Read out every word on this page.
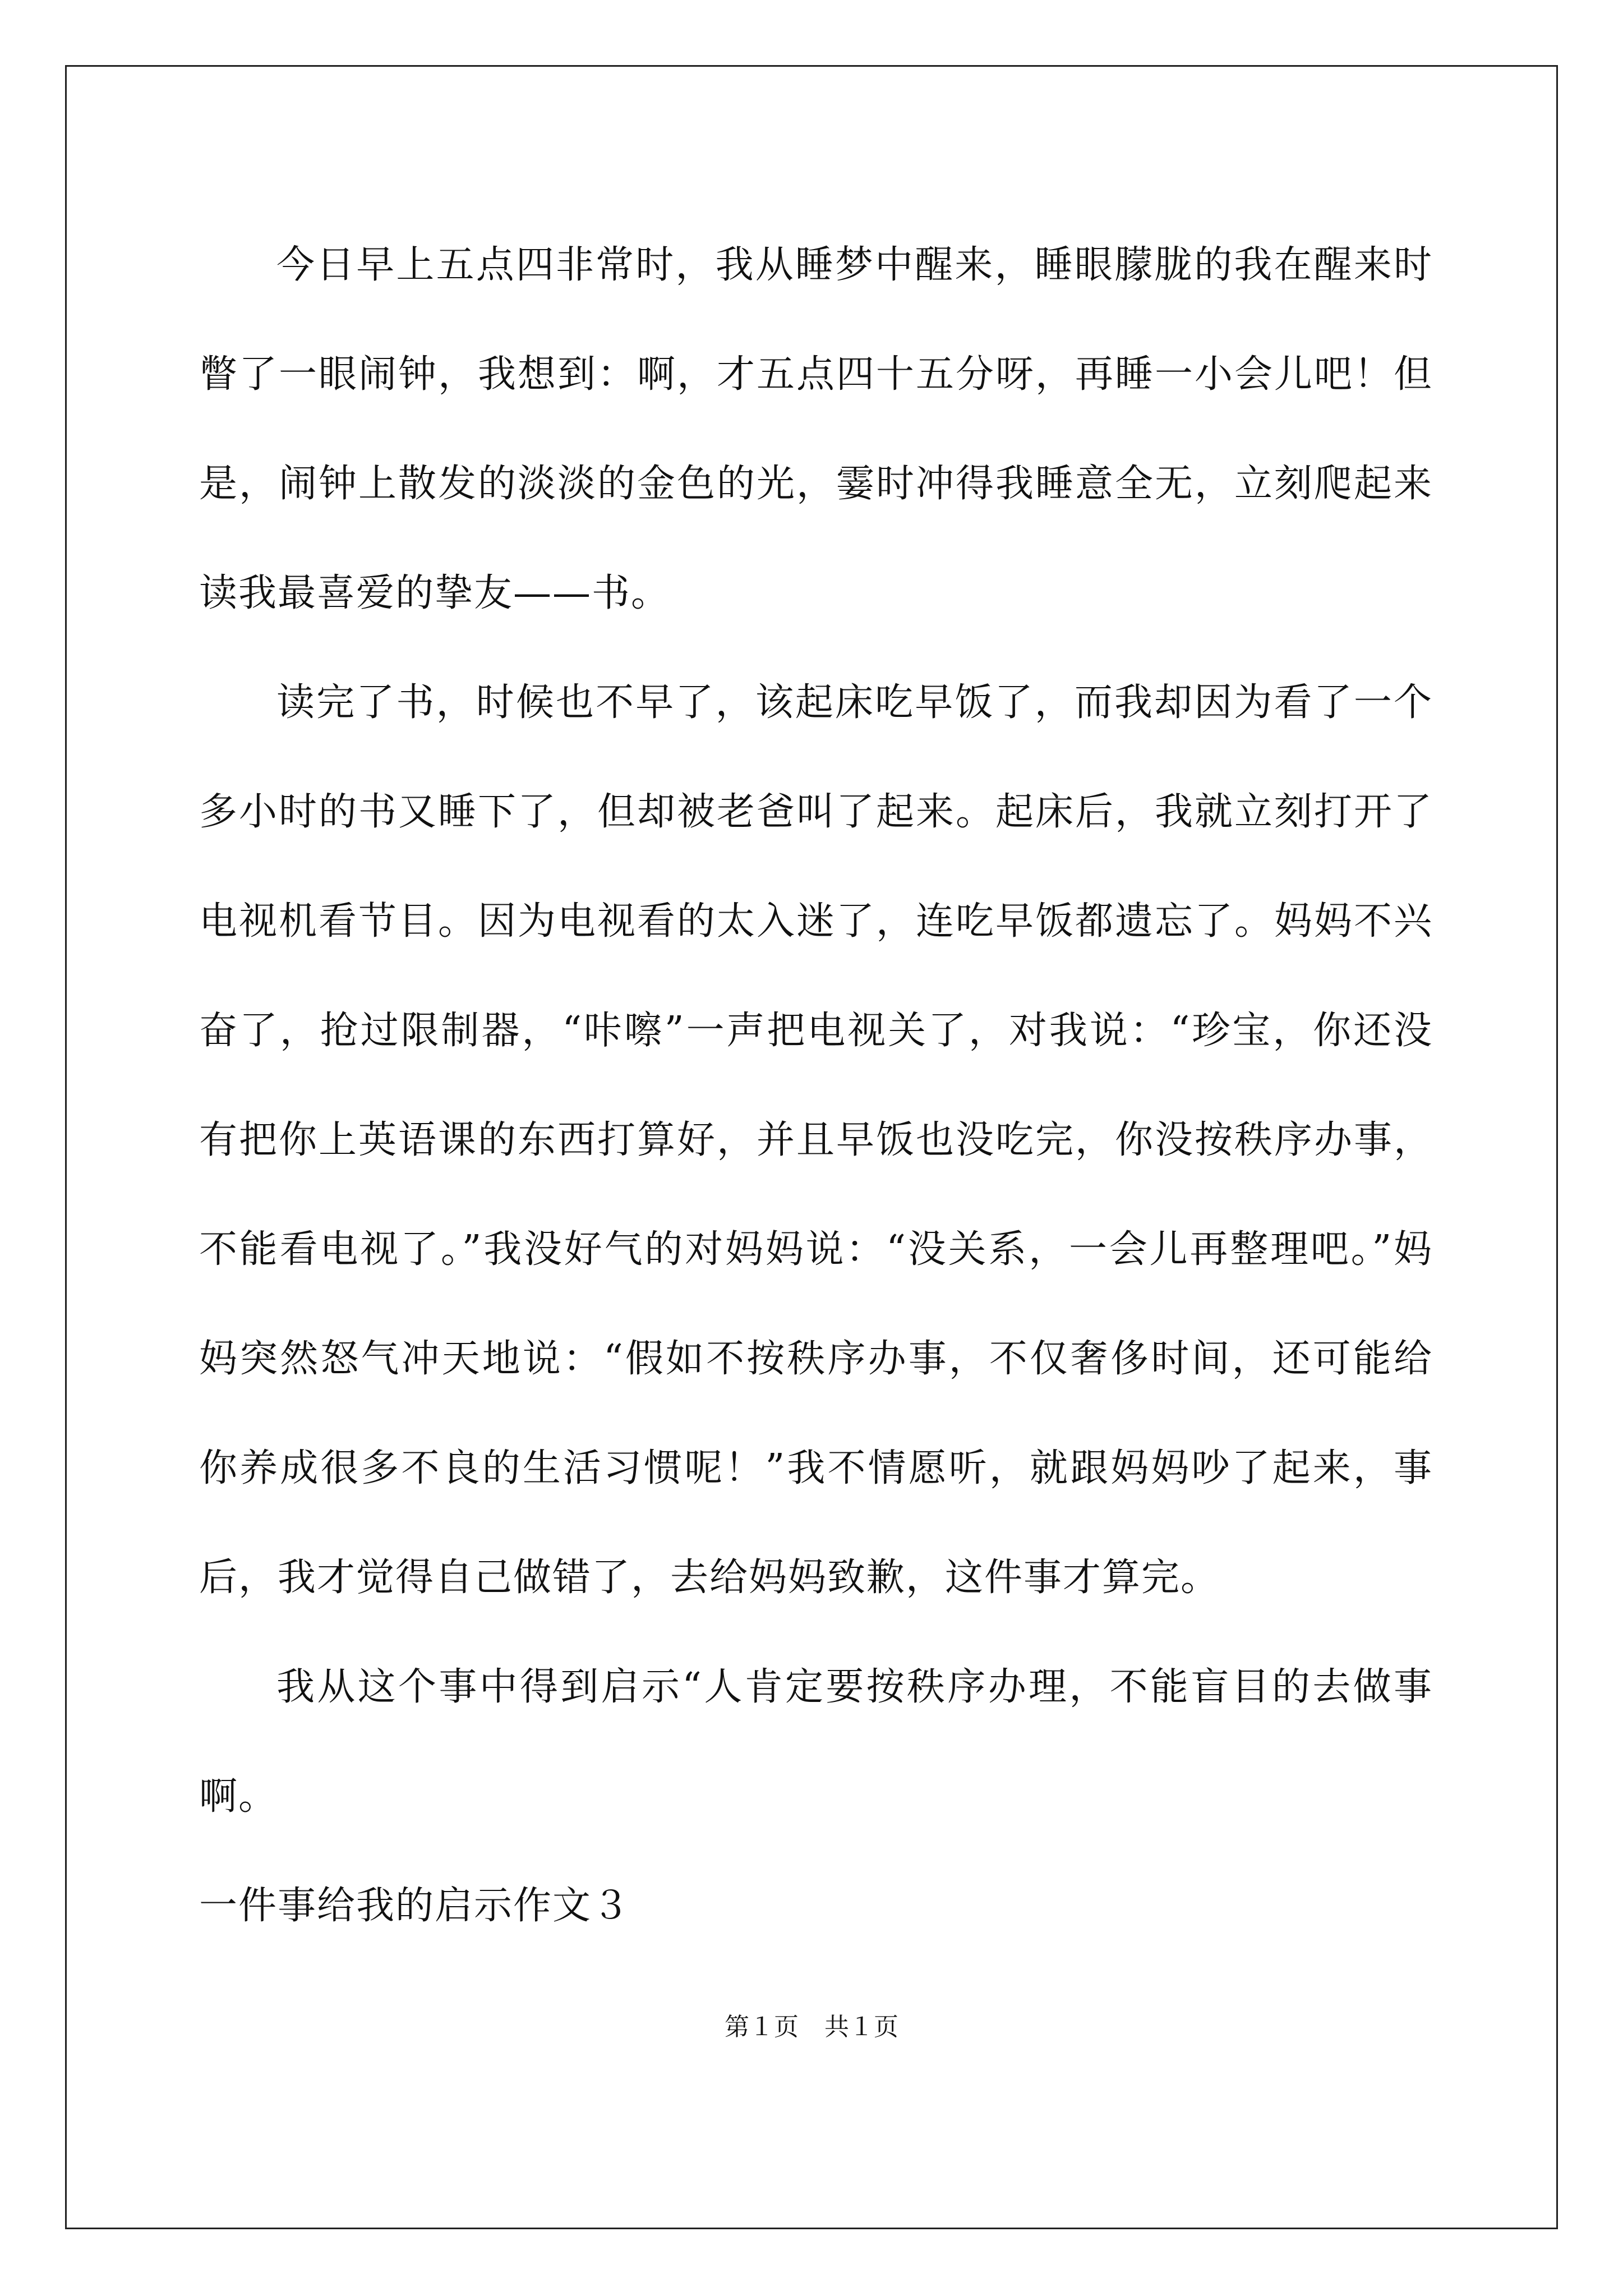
今日早上五点四非常时，我从睡梦中醒来，睡眼朦胧的我在醒来时瞥了一眼闹钟，我想到：啊，才五点四十五分呀，再睡一小会儿吧！但是，闹钟上散发的淡淡的金色的光，霎时冲得我睡意全无，立刻爬起来读我最喜爱的挚友——书。

读完了书，时候也不早了，该起床吃早饭了，而我却因为看了一个多小时的书又睡下了，但却被老爸叫了起来。起床后，我就立刻打开了电视机看节目。因为电视看的太入迷了，连吃早饭都遗忘了。妈妈不兴奋了，抢过限制器，“咔嚓”一声把电视关了，对我说：“珍宝，你还没有把你上英语课的东西打算好，并且早饭也没吃完，你没按秩序办事，不能看电视了。”我没好气的对妈妈说：“没关系，一会儿再整理吧。”妈妈突然怒气冲天地说：“假如不按秩序办事，不仅奢侈时间，还可能给你养成很多不良的生活习惯呢！”我不情愿听，就跟妈妈吵了起来，事后，我才觉得自己做错了，去给妈妈致歉，这件事才算完。

我从这个事中得到启示“人肯定要按秩序办理，不能盲目的去做事啊。

一件事给我的启示作文３

第１页 共１页
